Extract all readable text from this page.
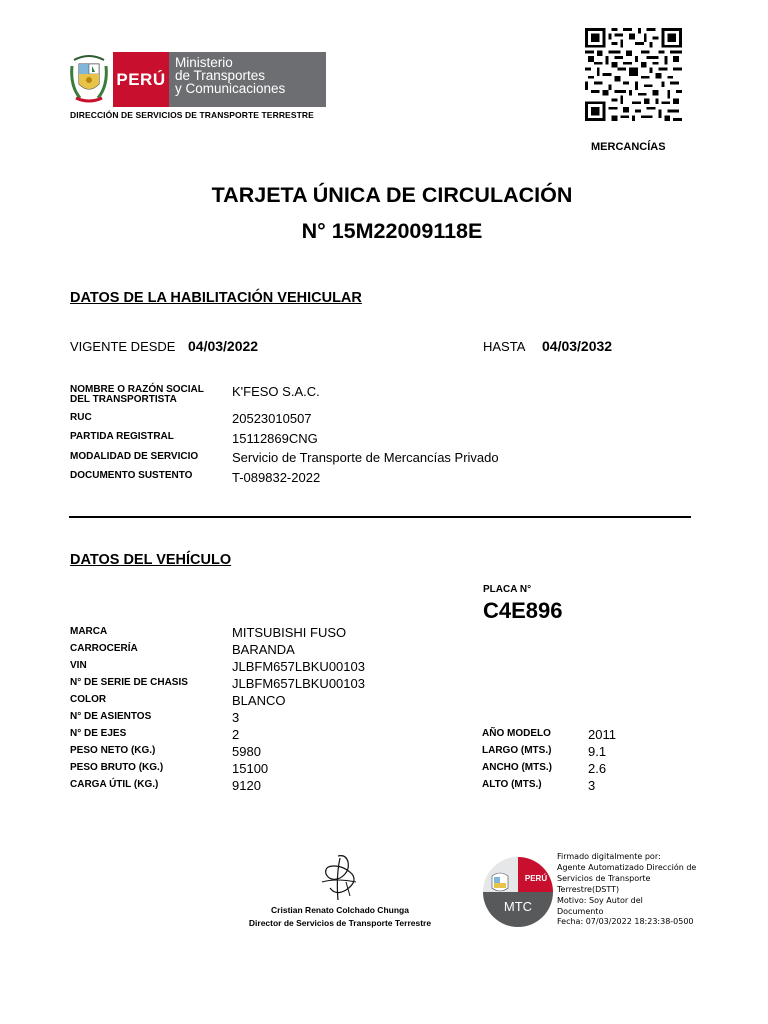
PERÚ
Ministerio
de Transportes
y Comunicaciones
DIRECCIÓN DE SERVICIOS DE TRANSPORTE TERRESTRE
MERCANCÍAS
TARJETA ÚNICA DE CIRCULACIÓN
N° 15M22009118E
DATOS DE LA HABILITACIÓN VEHICULAR
VIGENTE DESDE 04/03/2022	HASTA 04/03/2032
NOMBRE O RAZÓN SOCIAL
DEL TRANSPORTISTA
K'FESO S.A.C.
RUC	20523010507
PARTIDA REGISTRAL	15112869CNG
MODALIDAD DE SERVICIO	Servicio de Transporte de Mercancías Privado
DOCUMENTO SUSTENTO	T-089832-2022
DATOS DEL VEHÍCULO
PLACA N°
C4E896
MARCA	MITSUBISHI FUSO
CARROCERÍA	BARANDA
VIN	JLBFM657LBKU00103
N° DE SERIE DE CHASIS	JLBFM657LBKU00103
COLOR	BLANCO
N° DE ASIENTOS	3
N° DE EJES	2
PESO NETO (KG.)	5980
PESO BRUTO (KG.)	15100
CARGA ÚTIL (KG.)	9120
AÑO MODELO	2011
LARGO (MTS.)	9.1
ANCHO (MTS.)	2.6
ALTO (MTS.)	3
Cristian Renato Colchado Chunga
Director de Servicios de Transporte Terrestre
PERÚ
MTC
Firmado digitalmente por:
Agente Automatizado Dirección de
Servicios de Transporte
Terrestre(DSTT)
Motivo: Soy Autor del
Documento
Fecha: 07/03/2022 18:23:38-0500
